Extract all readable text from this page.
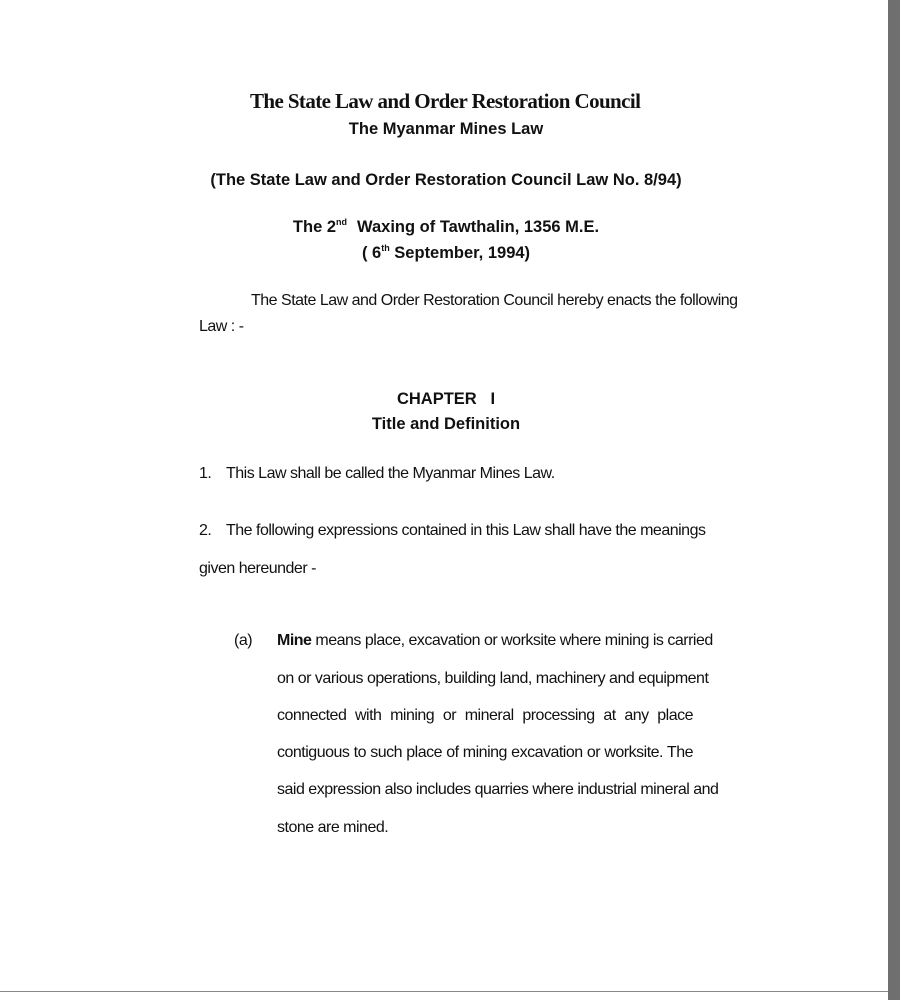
The State Law and Order Restoration Council
The Myanmar Mines Law
(The State Law and Order Restoration Council Law No. 8/94)
The 2nd Waxing of Tawthalin, 1356 M.E.
( 6th September, 1994)
The State Law and Order Restoration Council hereby enacts the following
Law : -
CHAPTER   I
Title and Definition
1. This Law shall be called the Myanmar Mines Law.
2. The following expressions contained in this Law shall have the meanings
given hereunder -
(a) Mine means place, excavation or worksite where mining is carried
on or various operations, building land, machinery and equipment
connected with mining or mineral processing at any place
contiguous to such place of mining excavation or worksite. The
said expression also includes quarries where industrial mineral and
stone are mined.
